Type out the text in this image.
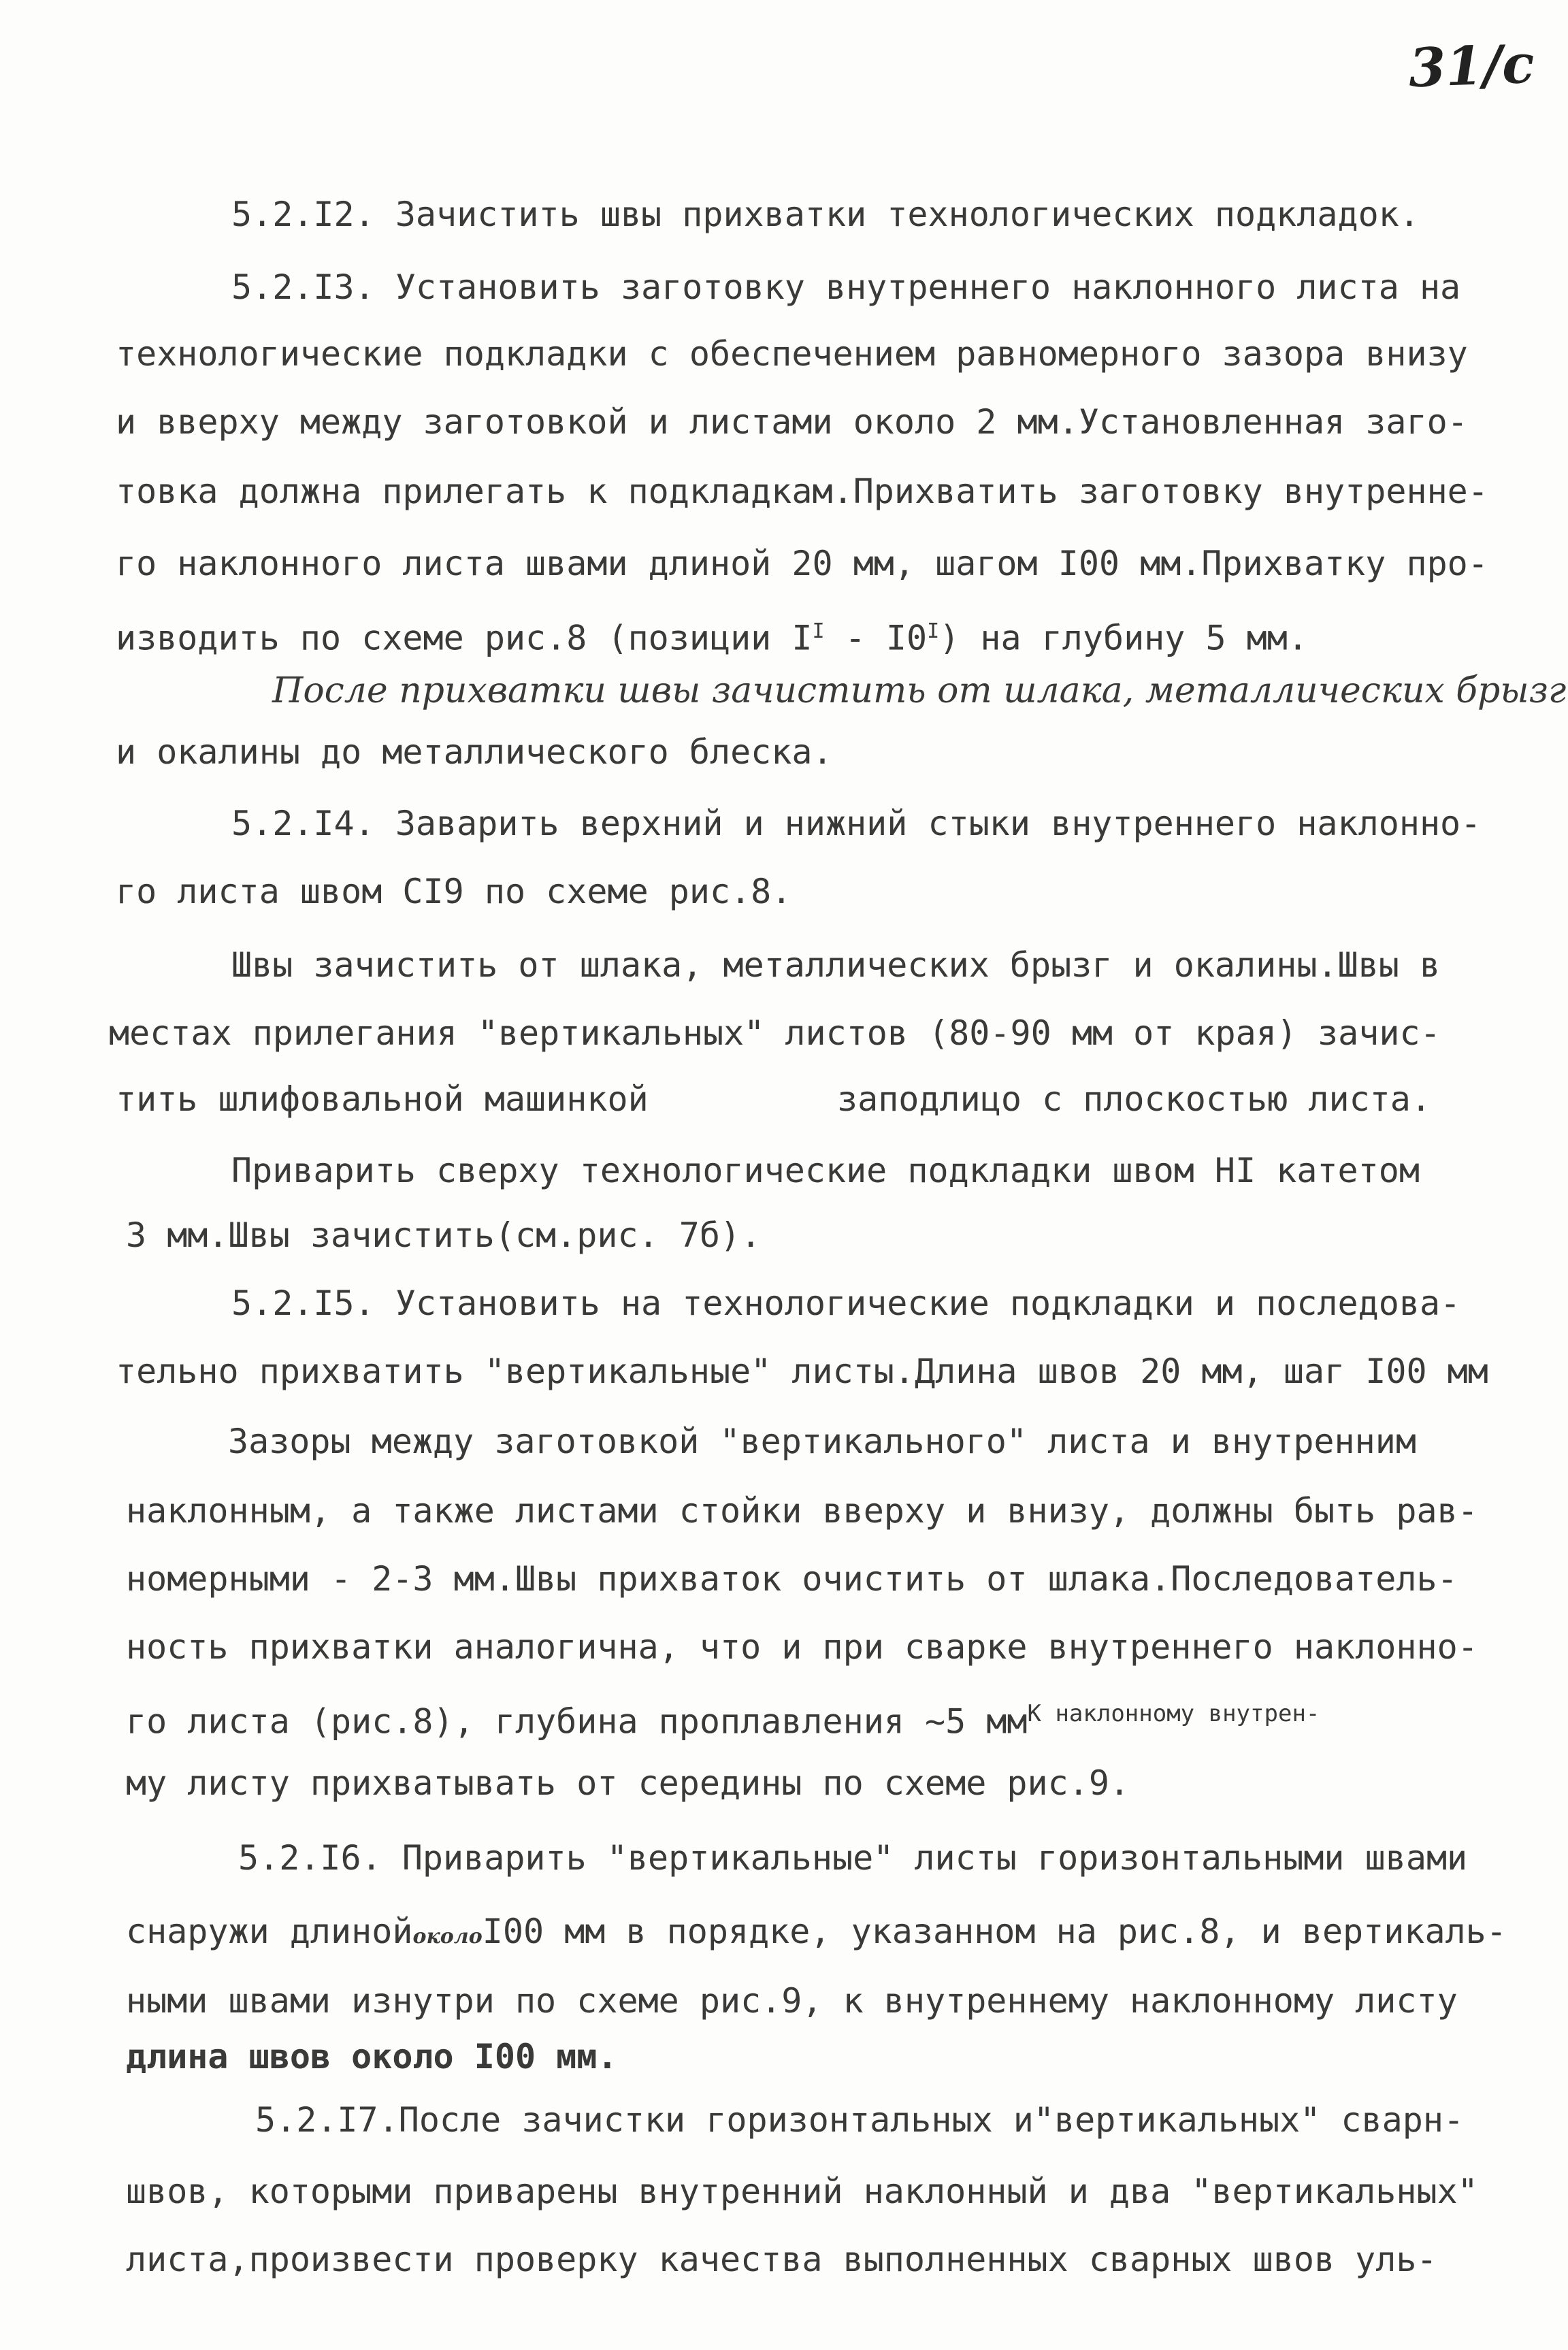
31/с
5.2.I2. Зачистить швы прихватки технологических подкладок.
5.2.I3. Установить заготовку внутреннего наклонного листа на
технологические подкладки с обеспечением равномерного зазора внизу
и вверху между заготовкой и листами около 2 мм.Установленная заго-
товка должна прилегать к подкладкам.Прихватить заготовку внутренне-
го наклонного листа швами длиной 20 мм, шагом I00 мм.Прихватку про-
изводить по схеме рис.8 (позиции $I^I - I0^I$) на глубину 5 мм.
После прихватки швы зачистить от шлака, металлических брызг
и окалины до металлического блеска.
5.2.I4. Заварить верхний и нижний стыки внутреннего наклонно-
го листа швом СI9 по схеме рис.8.
Швы зачистить от шлака, металлических брызг и окалины.Швы в
местах прилегания "вертикальных" листов (80-90 мм от края) зачис-
тить шлифовальной машинкой	заподлицо с плоскостью листа.
Приварить сверху технологические подкладки швом НI катетом
3 мм.Швы зачистить(см.рис. 7б).
5.2.I5. Установить на технологические подкладки и последова-
тельно прихватить "вертикальные" листы.Длина швов 20 мм, шаг I00 мм
Зазоры между заготовкой "вертикального" листа и внутренним
наклонным, а также листами стойки вверху и внизу, должны быть рав-
номерными - 2-3 мм.Швы прихваток очистить от шлака.Последователь-
ность прихватки аналогична, что и при сварке внутреннего наклонно-
го листа (рис.8), глубина проплавления ~5 $мм^{К наклонному внутрен-}$
му листу прихватывать от середины по схеме рис.9.
5.2.I6. Приварить "вертикальные" листы горизонтальными швами
снаружи длинойоколоI00 мм в порядке, указанном на рис.8, и вертикаль-
ными швами изнутри по схеме рис.9, к внутреннему наклонному листу
длина швов около I00 мм.
5.2.I7.После зачистки горизонтальных и"вертикальных" сварн-
швов, которыми приварены внутренний наклонный и два "вертикальных"
листа,произвести проверку качества выполненных сварных швов уль-
